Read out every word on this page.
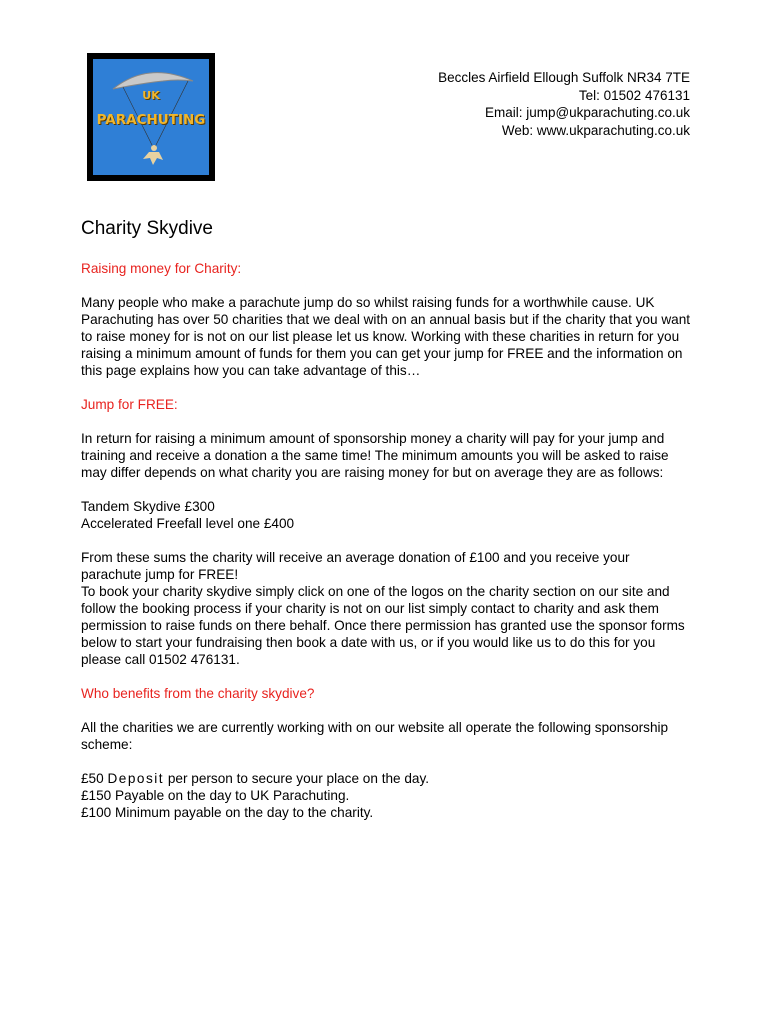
UK
PARACHUTING
Beccles Airfield Ellough Suffolk NR34 7TE
Tel: 01502 476131
Email: jump@ukparachuting.co.uk
Web: www.ukparachuting.co.uk
Charity Skydive
Raising money for Charity:

Many people who make a parachute jump do so whilst raising funds for a worthwhile cause. UK Parachuting has over 50 charities that we deal with on an annual basis but if the charity that you want to raise money for is not on our list please let us know. Working with these charities in return for you raising a minimum amount of funds for them you can get your jump for FREE and the information on this page explains how you can take advantage of this…

Jump for FREE:

In return for raising a minimum amount of sponsorship money a charity will pay for your jump and training and receive a donation a the same time! The minimum amounts you will be asked to raise may differ depends on what charity you are raising money for but on average they are as follows:

Tandem Skydive £300
Accelerated Freefall level one £400

From these sums the charity will receive an average donation of £100 and you receive your parachute jump for FREE!
To book your charity skydive simply click on one of the logos on the charity section on our site and follow the booking process if your charity is not on our list simply contact to charity and ask them permission to raise funds on there behalf. Once there permission has granted use the sponsor forms below to start your fundraising then book a date with us, or if you would like us to do this for you please call 01502 476131.

Who benefits from the charity skydive?

All the charities we are currently working with on our website all operate the following sponsorship scheme:

£50 Deposit per person to secure your place on the day.
£150 Payable on the day to UK Parachuting.
£100 Minimum payable on the day to the charity.
